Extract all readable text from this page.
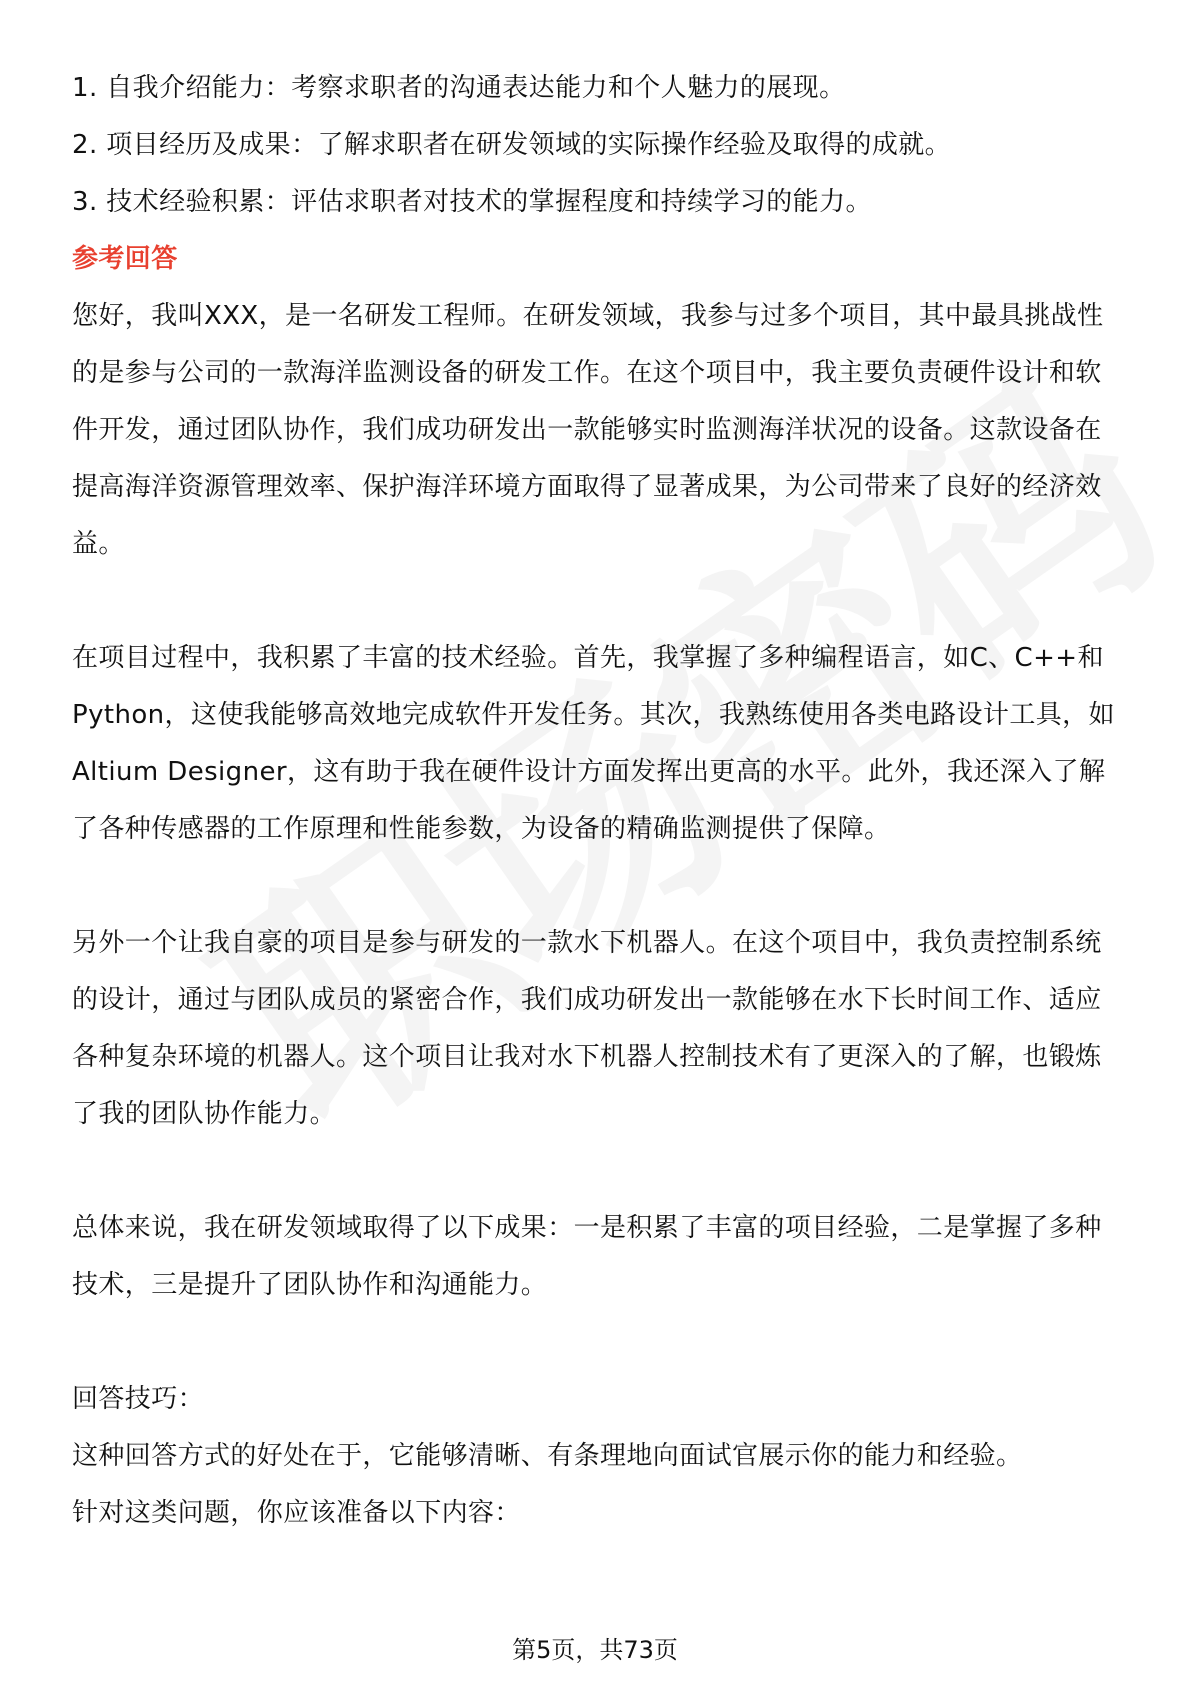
1. 自我介绍能力：考察求职者的沟通表达能力和个人魅力的展现。

2. 项目经历及成果：了解求职者在研发领域的实际操作经验及取得的成就。

3. 技术经验积累：评估求职者对技术的掌握程度和持续学习的能力。

参考回答

您好，我叫XXX，是一名研发工程师。在研发领域，我参与过多个项目，其中最具挑战性的是参与公司的一款海洋监测设备的研发工作。在这个项目中，我主要负责硬件设计和软件开发，通过团队协作，我们成功研发出一款能够实时监测海洋状况的设备。这款设备在提高海洋资源管理效率、保护海洋环境方面取得了显著成果，为公司带来了良好的经济效益。

在项目过程中，我积累了丰富的技术经验。首先，我掌握了多种编程语言，如C、C++和Python，这使我能够高效地完成软件开发任务。其次，我熟练使用各类电路设计工具，如Altium Designer，这有助于我在硬件设计方面发挥出更高的水平。此外，我还深入了解了各种传感器的工作原理和性能参数，为设备的精确监测提供了保障。

另外一个让我自豪的项目是参与研发的一款水下机器人。在这个项目中，我负责控制系统的设计，通过与团队成员的紧密合作，我们成功研发出一款能够在水下长时间工作、适应各种复杂环境的机器人。这个项目让我对水下机器人控制技术有了更深入的了解，也锻炼了我的团队协作能力。

总体来说，我在研发领域取得了以下成果：一是积累了丰富的项目经验，二是掌握了多种技术，三是提升了团队协作和沟通能力。

回答技巧：

这种回答方式的好处在于，它能够清晰、有条理地向面试官展示你的能力和经验。

针对这类问题，你应该准备以下内容：

第5页，共73页
